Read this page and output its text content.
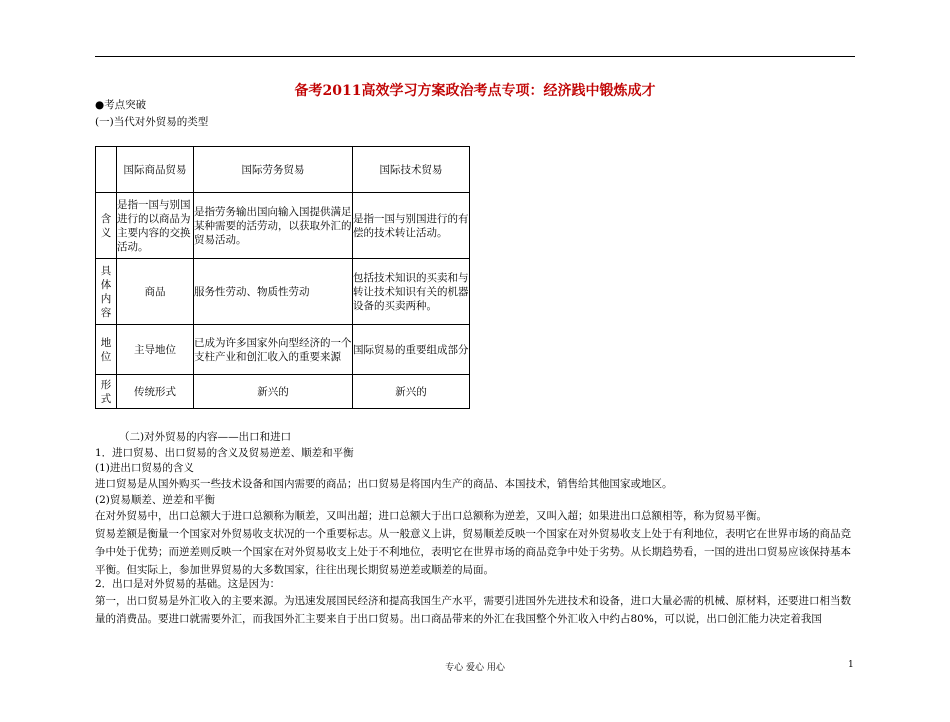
备考2011高效学习方案政治考点专项：经济践中锻炼成才
●考点突破
(一)当代对外贸易的类型
	国际商品贸易	国际劳务贸易	国际技术贸易

含义	是指一国与别国进行的以商品为主要内容的交换活动。	是指劳务输出国向输入国提供满足某种需要的活劳动，以获取外汇的贸易活动。	是指一国与别国进行的有偿的技术转让活动。
具体内容	商品	服务性劳动、物质性劳动	包括技术知识的买卖和与转让技术知识有关的机器设备的买卖两种。
地位	主导地位	已成为许多国家外向型经济的一个支柱产业和创汇收入的重要来源	国际贸易的重要组成部分
形式	传统形式	新兴的	新兴的
（二)对外贸易的内容——出口和进口
1．进口贸易、出口贸易的含义及贸易逆差、顺差和平衡
(1)进出口贸易的含义
进口贸易是从国外购买一些技术设备和国内需要的商品；出口贸易是将国内生产的商品、本国技术，销售给其他国家或地区。
(2)贸易顺差、逆差和平衡
在对外贸易中，出口总额大于进口总额称为顺差，又叫出超；进口总额大于出口总额称为逆差，又叫入超；如果进出口总额相等，称为贸易平衡。
贸易差额是衡量一个国家对外贸易收支状况的一个重要标志。从一般意义上讲，贸易顺差反映一个国家在对外贸易收支上处于有利地位，表明它在世界市场的商品竞争中处于优势；而逆差则反映一个国家在对外贸易收支上处于不利地位，表明它在世界市场的商品竞争中处于劣势。从长期趋势看，一国的进出口贸易应该保持基本平衡。但实际上，参加世界贸易的大多数国家，往往出现长期贸易逆差或顺差的局面。
2．出口是对外贸易的基础。这是因为：
第一，出口贸易是外汇收入的主要来源。为迅速发展国民经济和提高我国生产水平，需要引进国外先进技术和设备，进口大量必需的机械、原材料，还要进口相当数量的消费品。要进口就需要外汇，而我国外汇主要来自于出口贸易。出口商品带来的外汇在我国整个外汇收入中约占80%，可以说，出口创汇能力决定着我国
专心 爱心 用心	1
